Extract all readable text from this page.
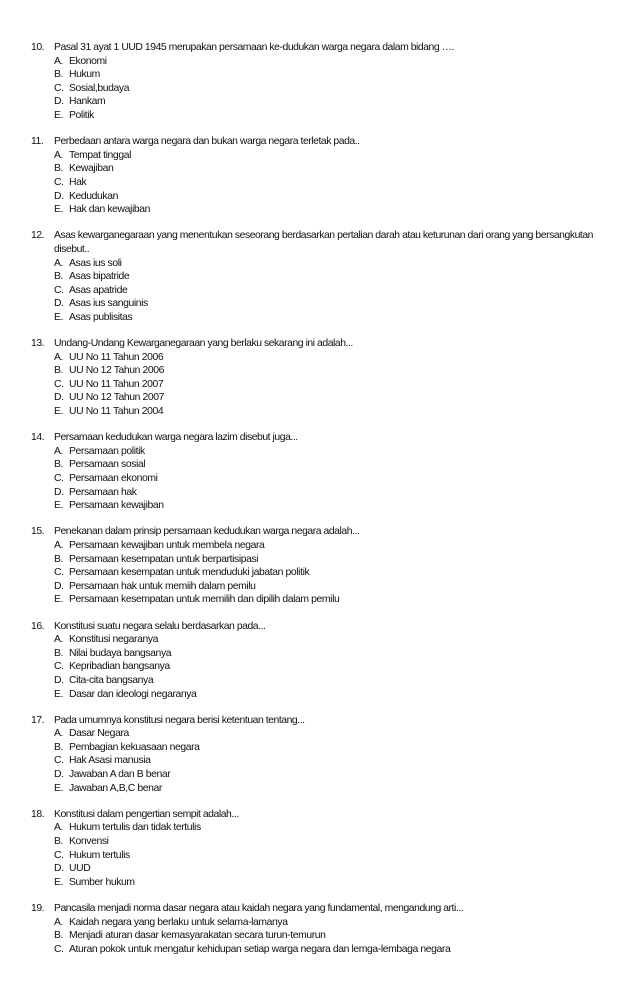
10. Pasal 31 ayat 1 UUD 1945 merupakan persamaan ke-dudukan warga negara dalam bidang ….
A. Ekonomi
B. Hukum
C. Sosial,budaya
D. Hankam
E. Politik
11.	Perbedaan antara warga negara dan bukan warga negara terletak pada..
A. Tempat tinggal
B. Kewajiban
C. Hak
D. Kedudukan
E. Hak dan kewajiban
12. Asas kewarganegaraan yang menentukan seseorang berdasarkan pertalian darah atau keturunan dari orang yang bersangkutan disebut..
A. Asas ius soli
B. Asas bipatride
C. Asas apatride
D. Asas ius sanguinis
E. Asas publisitas
13. Undang-Undang Kewarganegaraan yang berlaku sekarang ini adalah...
A. UU No 11 Tahun 2006
B. UU No 12 Tahun 2006
C. UU No 11 Tahun 2007
D. UU No 12 Tahun 2007
E. UU No 11 Tahun 2004
14. Persamaan kedudukan warga negara lazim disebut juga...
A. Persamaan politik
B. Persamaan sosial
C. Persamaan ekonomi
D. Persamaan hak
E. Persamaan kewajiban
15. Penekanan dalam prinsip persamaan kedudukan warga negara adalah...
A. Persamaan kewajiban untuk membela negara
B. Persamaan kesempatan untuk berpartisipasi
C. Persamaan kesempatan untuk menduduki jabatan politik
D. Persamaan hak untuk memiih dalam pemilu
E. Persamaan kesempatan untuk memilih dan dipilih dalam pemilu
16. Konstitusi suatu negara selalu berdasarkan pada...
A. Konstitusi negaranya
B. Nilai budaya bangsanya
C. Kepribadian bangsanya
D. Cita-cita bangsanya
E. Dasar dan ideologi negaranya
17. Pada umumnya konstitusi negara berisi ketentuan tentang...
A. Dasar Negara
B. Pembagian kekuasaan negara
C. Hak Asasi manusia
D. Jawaban A dan B benar
E. Jawaban A,B,C benar
18. Konstitusi dalam pengertian sempit adalah...
A. Hukum tertulis dan tidak tertulis
B. Konvensi
C. Hukum tertulis
D. UUD
E. Sumber hukum
19. Pancasila menjadi norma dasar negara atau kaidah negara yang fundamental, mengandung arti...
A. Kaidah negara yang berlaku untuk selama-lamanya
B. Menjadi aturan dasar kemasyarakatan secara turun-temurun
C. Aturan pokok untuk mengatur kehidupan setiap warga negara dan lemga-lembaga negara
